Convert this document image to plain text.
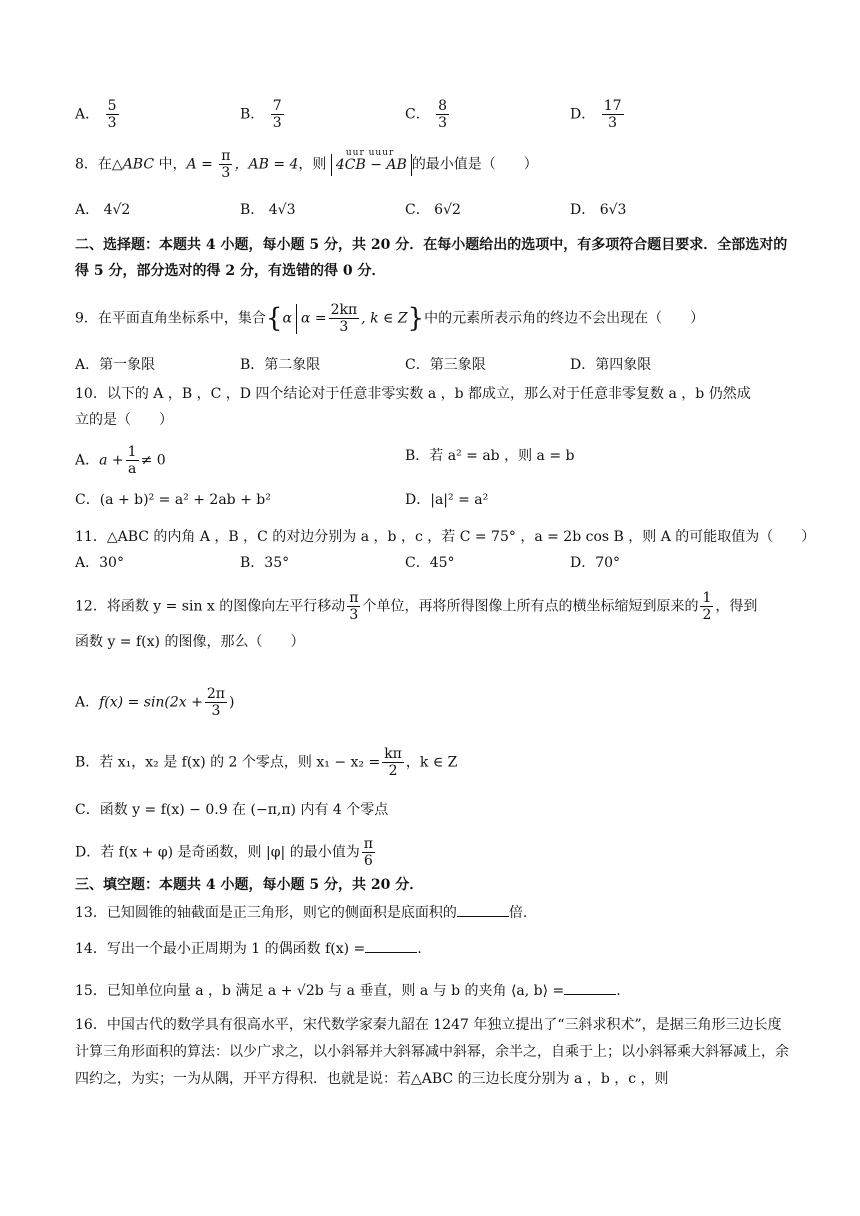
A． $\frac{5}{3}$	B． $\frac{7}{3}$	C． $\frac{8}{3}$	D． $\frac{17}{3}$
8．在△ABC 中，$A = \frac{\pi}{3}$ ，AB = 4，则
uur uuur
4CB − AB 的最小值是（　　）
A． 4√2	B． 4√3	C． 6√2	D． 6√3
二、选择题：本题共 4 小题，每小题 5 分，共 20 分．在每小题给出的选项中，有多项符合题目要求．全部选对的得 5 分，部分选对的得 2 分，有选错的得 0 分．
9．在平面直角坐标系中，集合{α $\alpha = \frac{2k\pi}{3}$ , k ∈ Z}中的元素所表示角的终边不会出现在（　　）
A．第一象限	B．第二象限	C．第三象限	D．第四象限
10．以下的 A ，B ，C ，D 四个结论对于任意非零实数 a ，b 都成立，那么对于任意非零复数 a ，b 仍然成
立的是（　　）
A．$a + \frac{1}{a} \ne 0$	B．若 a² = ab ，则 a = b
C．(a + b)² = a² + 2ab + b²	D．|a|² = a²
11．△ABC 的内角 A ，B ，C 的对边分别为 a ，b ，c ，若 C = 75° ，a = 2b cos B ，则 A 的可能取值为（　　）
A．30°	B．35°	C．45°	D．70°
12．将函数 y = sin x 的图像向左平行移动 $\frac{\pi}{3}$ 个单位，再将所得图像上所有点的横坐标缩短到原来的 $\frac{1}{2}$ ，得到
函数 y = f(x) 的图像，那么（　　）
A．$f(x) = \sin(2x + \frac{2\pi}{3}$ )
B．若 x₁，x₂ 是 f(x) 的 2 个零点，则 $x_1 - x_2 = \frac{k\pi}{2}$ ，k ∈ Z
C．函数 y = f(x) − 0.9 在 (−π,π) 内有 4 个零点
D．若 f(x + φ) 是奇函数，则 |φ| 的最小值为 $\frac{\pi}{6}$
三、填空题：本题共 4 小题，每小题 5 分，共 20 分．
13．已知圆锥的轴截面是正三角形，则它的侧面积是底面积的	倍.
14．写出一个最小正周期为 1 的偶函数 f(x) =	.
15．已知单位向量 a ，b 满足 a + √2b 与 a 垂直，则 a 与 b 的夹角 ⟨a, b⟩ =	.
16．中国古代的数学具有很高水平，宋代数学家秦九韶在 1247 年独立提出了“三斜求积术”，是据三角形三边长度计算三角形面积的算法：以少广求之，以小斜幂并大斜幂减中斜幂，余半之，自乘于上；以小斜幂乘大斜幂减上，余四约之，为实；一为从隅，开平方得积．也就是说：若△ABC 的三边长度分别为 a ，b ，c ，则
